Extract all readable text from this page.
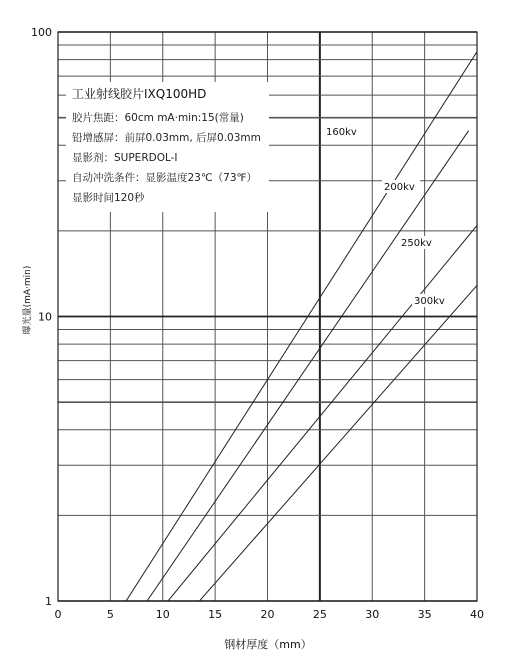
0	5	10	15	20	25	30	35	40
1
10
100
工业射线胶片IXQ100HD
胶片焦距：60cm mA·min:15(常量)
铅增感屏：前屏0.03mm, 后屏0.03mm
显影剂：SUPERDOL-I
自动冲洗条件：显影温度23℃（73℉）
显影时间120秒
160kv
200kv
250kv
300kv
钢材厚度（mm）
曝光量(mA·min)
